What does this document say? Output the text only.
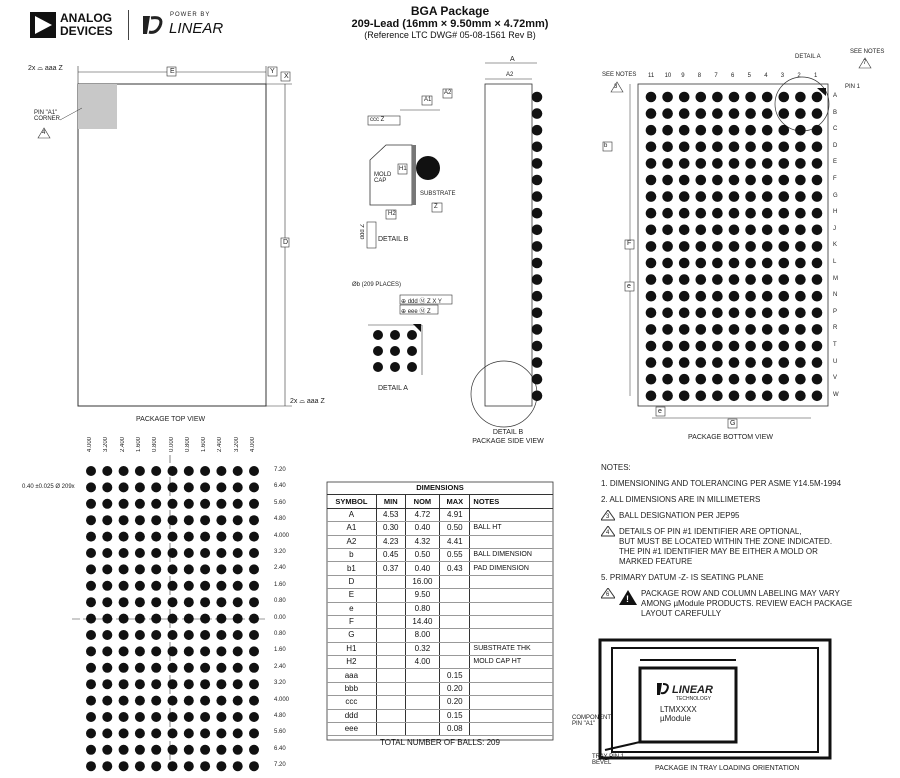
ANALOG
DEVICES
POWER BY
LINEAR
BGA Package
209-Lead (16mm × 9.50mm × 4.72mm)
(Reference LTC DWG# 05-08-1561 Rev B)
2x ⌓ aaa Z	E	Y
X
D
PIN "A1" CORNER
4
2x ⌓ aaa Z
PACKAGE TOP VIEW
A1
A2
ccc Z
H1
MOLD CAP
SUBSTRATE
H2
Z
ddd Z
DETAIL B
Øb (209 PLACES)
⊕ ddd Ⓜ Z X Y
⊕ eee Ⓜ Z
DETAIL A
A
A2
DETAIL B
PACKAGE SIDE VIEW
SEE NOTES
3
DETAIL A
SEE NOTES
7
PIN 1
b
F
e
e
G
11 10 9 8 7 6 5 4 3 2 1
A
B
C
D
E
F
G
H
J
K
L
M
N
P
R
T
U
V
W
PACKAGE BOTTOM VIEW
4.000 3.200 2.400 1.600 0.800 0.000 0.800 1.600 2.400 3.200 4.000
7.20
6.40
5.60
4.80
4.000
3.20
2.40
1.60
0.80
0.00
0.80
1.60
2.40
3.20
4.000
4.80
5.60
6.40
7.20
0.40 ±0.025 Ø 209x	DIMENSIONS				
SYMBOL	MIN	NOM	MAX	NOTES
A	4.53	4.72	4.91	
A1	0.30	0.40	0.50	BALL HT
A2	4.23	4.32	4.41	
b	0.45	0.50	0.55	BALL DIMENSION
b1	0.37	0.40	0.43	PAD DIMENSION
D		16.00		
E		9.50		
e		0.80		
F		14.40		
G		8.00		
H1		0.32		SUBSTRATE THK
H2		4.00		MOLD CAP HT
aaa			0.15	
bbb			0.20	
ccc			0.20	
ddd			0.15	
eee			0.08	
TOTAL NUMBER OF BALLS: 209				
NOTES:
1. DIMENSIONING AND TOLERANCING PER ASME Y14.5M-1994
2. ALL DIMENSIONS ARE IN MILLIMETERS
3 BALL DESIGNATION PER JEP95
4 DETAILS OF PIN #1 IDENTIFIER ARE OPTIONAL,
BUT MUST BE LOCATED WITHIN THE ZONE INDICATED.
THE PIN #1 IDENTIFIER MAY BE EITHER A MOLD OR
MARKED FEATURE
5. PRIMARY DATUM -Z- IS SEATING PLANE
6 !
PACKAGE ROW AND COLUMN LABELING MAY VARY
AMONG µModule PRODUCTS. REVIEW EACH PACKAGE
LAYOUT CAREFULLY
LINEAR
TECHNOLOGY
LTMXXXX
µModule
COMPONENT PIN "A1"
TRAY PIN 1 BEVEL
PACKAGE IN TRAY LOADING ORIENTATION
